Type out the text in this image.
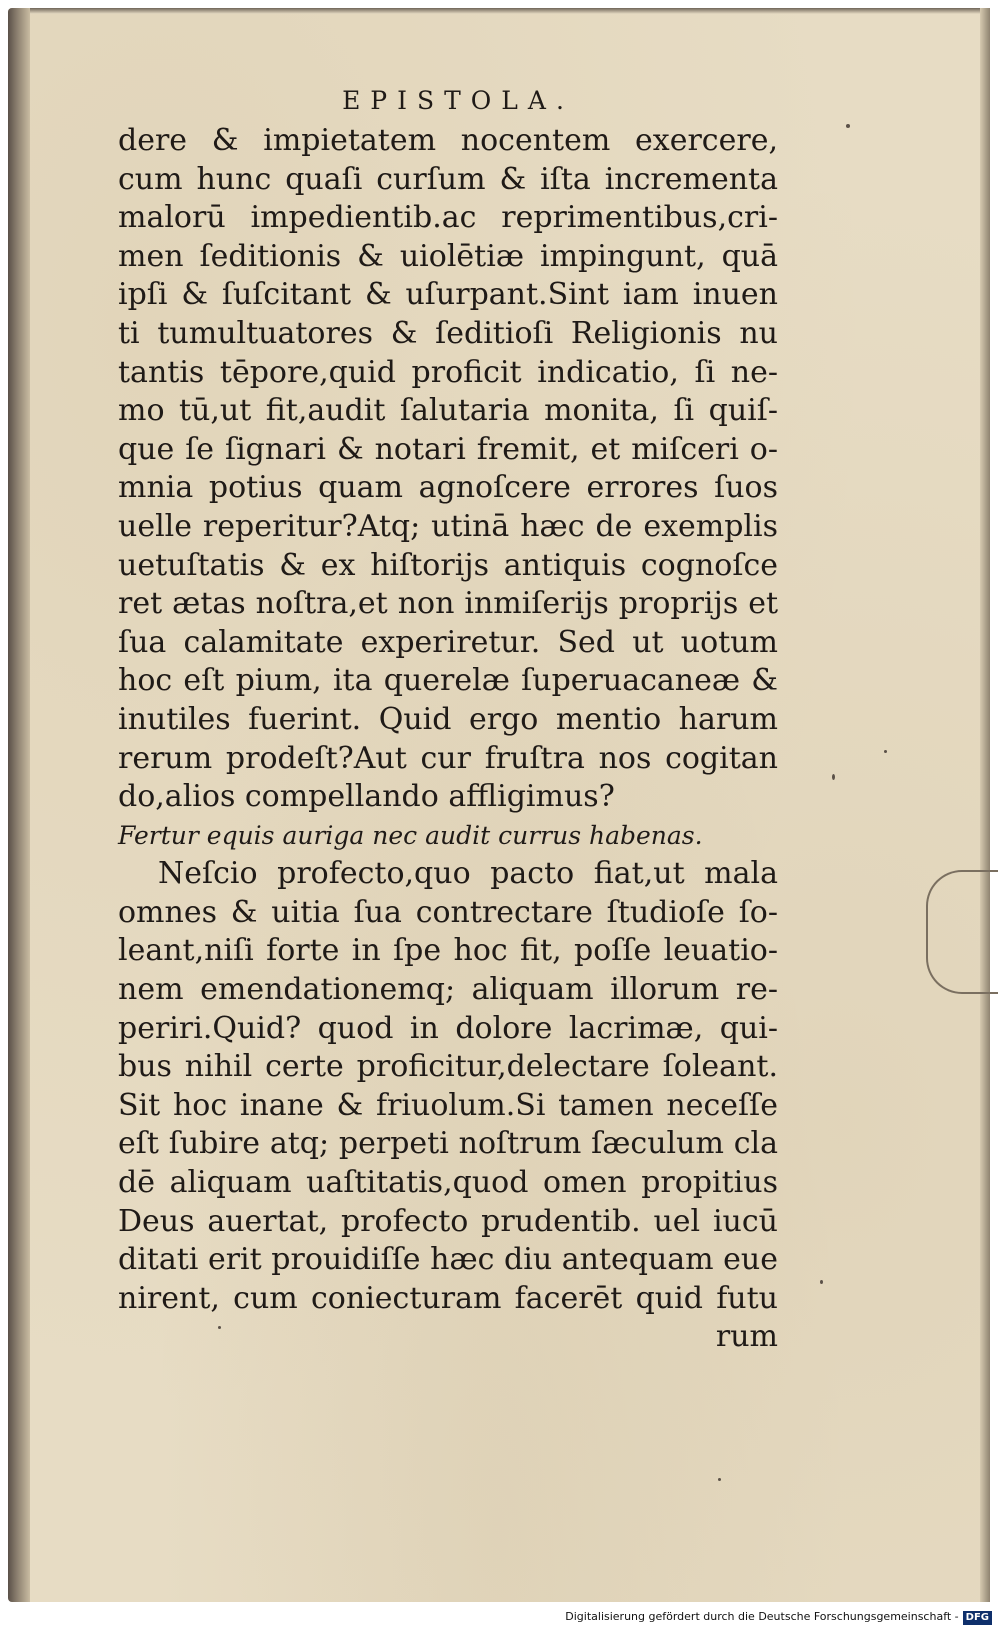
EPISTOLA.
dere & impietatem nocentem exercere,
cum hunc quaſi curſum & iſta incrementa
malorū impedientib.ac reprimentibus,cri-
men ſeditionis & uiolētiæ impingunt, quā
ipſi & ſuſcitant & uſurpant.Sint iam inuen
ti tumultuatores & ſeditioſi Religionis nu
tantis tēpore,quid proficit indicatio, ſi ne-
mo tū,ut fit,audit ſalutaria monita, ſi quiſ-
que ſe ſignari & notari fremit, et miſceri o-
mnia potius quam agnoſcere errores ſuos
uelle reperitur?Atq; utinā hæc de exemplis
uetuſtatis & ex hiſtorijs antiquis cognoſce
ret ætas noſtra,et non inmiſerijs proprijs et
ſua calamitate experiretur. Sed ut uotum
hoc eſt pium, ita querelæ ſuperuacaneæ &
inutiles fuerint. Quid ergo mentio harum
rerum prodeſt?Aut cur fruſtra nos cogitan
do,alios compellando affligimus?
Fertur equis auriga nec audit currus habenas.
Neſcio profecto,quo pacto fiat,ut mala
omnes & uitia ſua contrectare ſtudioſe ſo-
leant,niſi forte in ſpe hoc fit, poſſe leuatio-
nem emendationemq; aliquam illorum re-
periri.Quid? quod in dolore lacrimæ, qui-
bus nihil certe proficitur,delectare ſoleant.
Sit hoc inane & friuolum.Si tamen neceſſe
eſt ſubire atq; perpeti noſtrum ſæculum cla
dē aliquam uaſtitatis,quod omen propitius
Deus auertat, profecto prudentib. uel iucū
ditati erit prouidiſſe hæc diu antequam eue
nirent, cum coniecturam facerēt quid futu
rum
Digitalisierung gefördert durch die Deutsche Forschungsgemeinschaft - DFG
